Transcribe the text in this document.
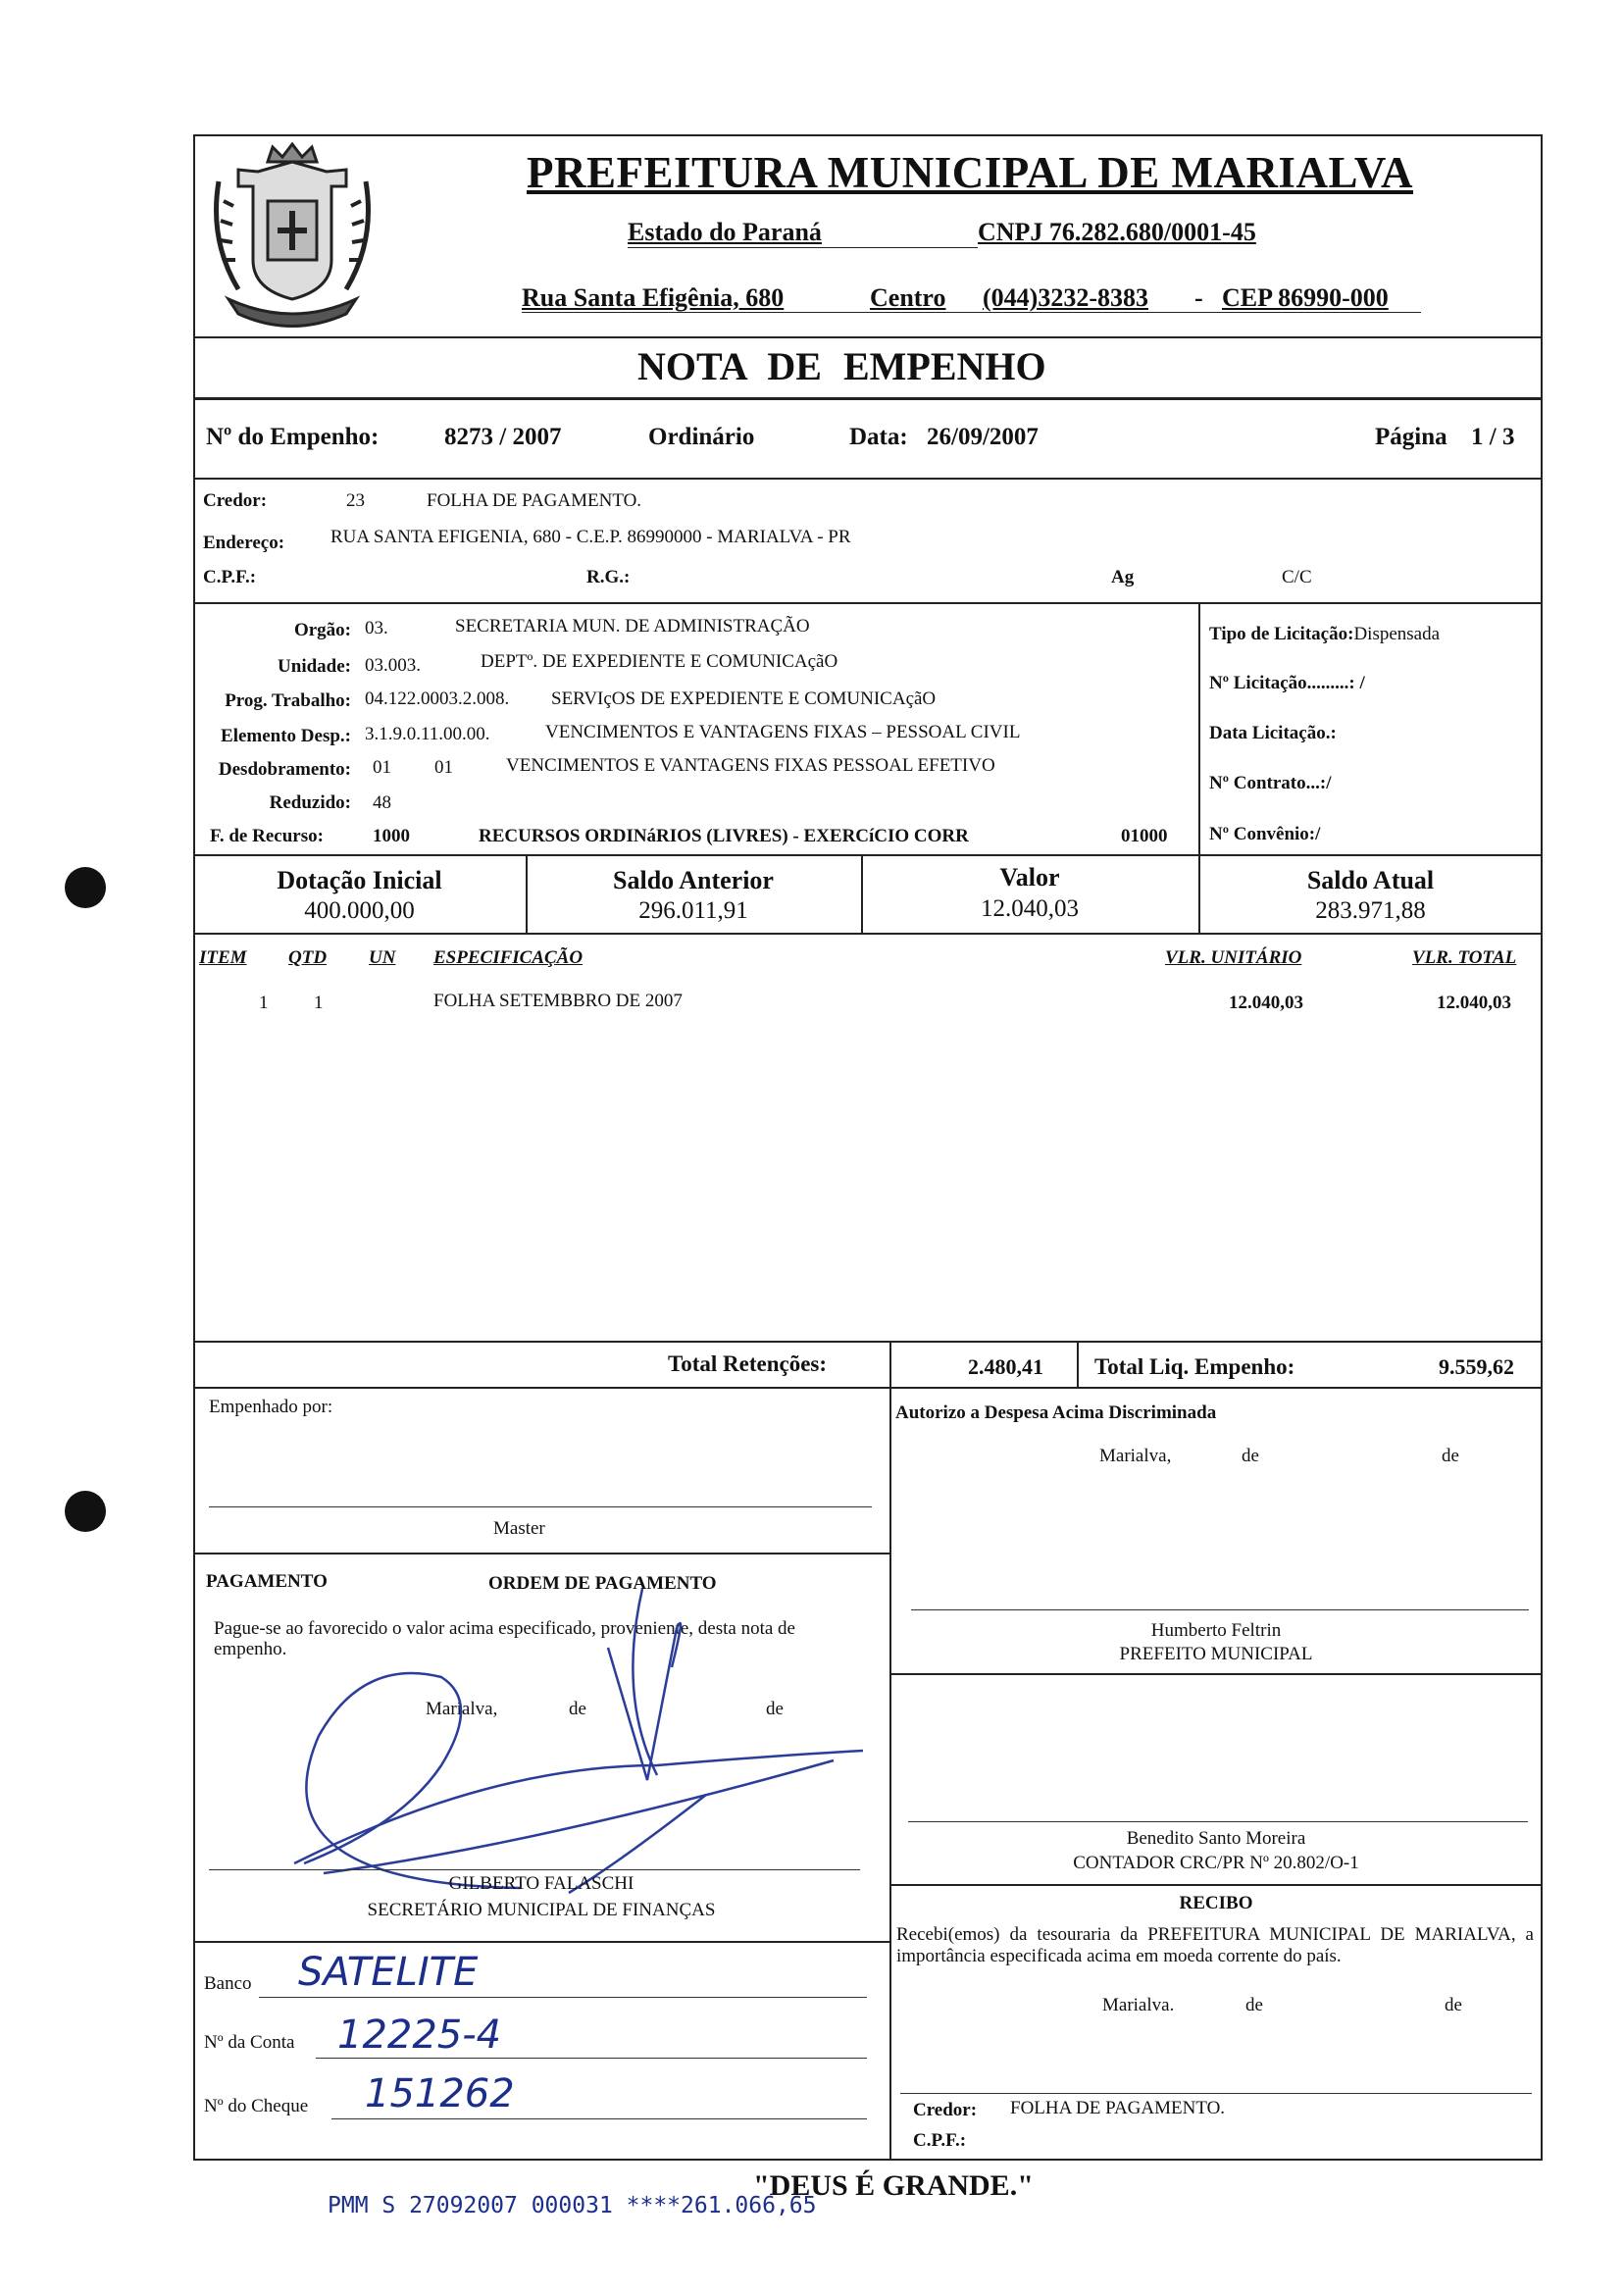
PREFEITURA MUNICIPAL DE MARIALVA
Estado do Paraná	CNPJ 76.282.680/0001-45
Rua Santa Efigênia, 680	Centro (044)3232-8383 - CEP 86990-000
NOTA DE EMPENHO
Nº do Empenho:	8273 / 2007	Ordinário	Data: 26/09/2007	Página 1 / 3
Credor:	23	FOLHA DE PAGAMENTO.
Endereço: RUA SANTA EFIGENIA, 680 - C.E.P. 86990000 - MARIALVA - PR
C.P.F.:	R.G.:	Ag	C/C
Orgão: 03.	SECRETARIA MUN. DE ADMINISTRAÇÃO
Unidade: 03.003.	DEPTº. DE EXPEDIENTE E COMUNICAçãO
Prog. Trabalho: 04.122.0003.2.008. SERVIçOS DE EXPEDIENTE E COMUNICAçãO
Elemento Desp.: 3.1.9.0.11.00.00.	VENCIMENTOS E VANTAGENS FIXAS – PESSOAL CIVIL
Desdobramento: 01 01	VENCIMENTOS E VANTAGENS FIXAS PESSOAL EFETIVO
Reduzido: 48
F. de Recurso:	1000	RECURSOS ORDINáRIOS (LIVRES) - EXERCíCIO CORR	01000
Tipo de Licitação:Dispensada
Nº Licitação.........: /
Data Licitação.:
Nº Contrato...:/
Nº Convênio:/
Dotação Inicial
400.000,00
Saldo Anterior
296.011,91
Valor
12.040,03
Saldo Atual
283.971,88
ITEM QTD UN ESPECIFICAÇÃO	VLR. UNITÁRIO	VLR. TOTAL
1 1	FOLHA SETEMBBRO DE 2007	12.040,03	12.040,03
Total Retenções:	2.480,41 Total Liq. Empenho:	9.559,62
Empenhado por:
Master
PAGAMENTO	ORDEM DE PAGAMENTO
Pague-se ao favorecido o valor acima especificado, proveniente, desta nota de empenho.
Marialva,	de	de
GILBERTO FALASCHI
SECRETÁRIO MUNICIPAL DE FINANÇAS
Banco SATELITE
Nº da Conta 12225-4
Nº do Cheque 151262
Autorizo a Despesa Acima Discriminada
Marialva,	de	de
Humberto Feltrin
PREFEITO MUNICIPAL
Benedito Santo Moreira
CONTADOR CRC/PR Nº 20.802/O-1
RECIBO
Recebi(emos) da tesouraria da PREFEITURA MUNICIPAL DE MARIALVA, a importância especificada acima em moeda corrente do país.
Marialva.	de	de
Credor: FOLHA DE PAGAMENTO.
C.P.F.:
"DEUS É GRANDE."
PMM S 27092007 000031 ****261.066,65
